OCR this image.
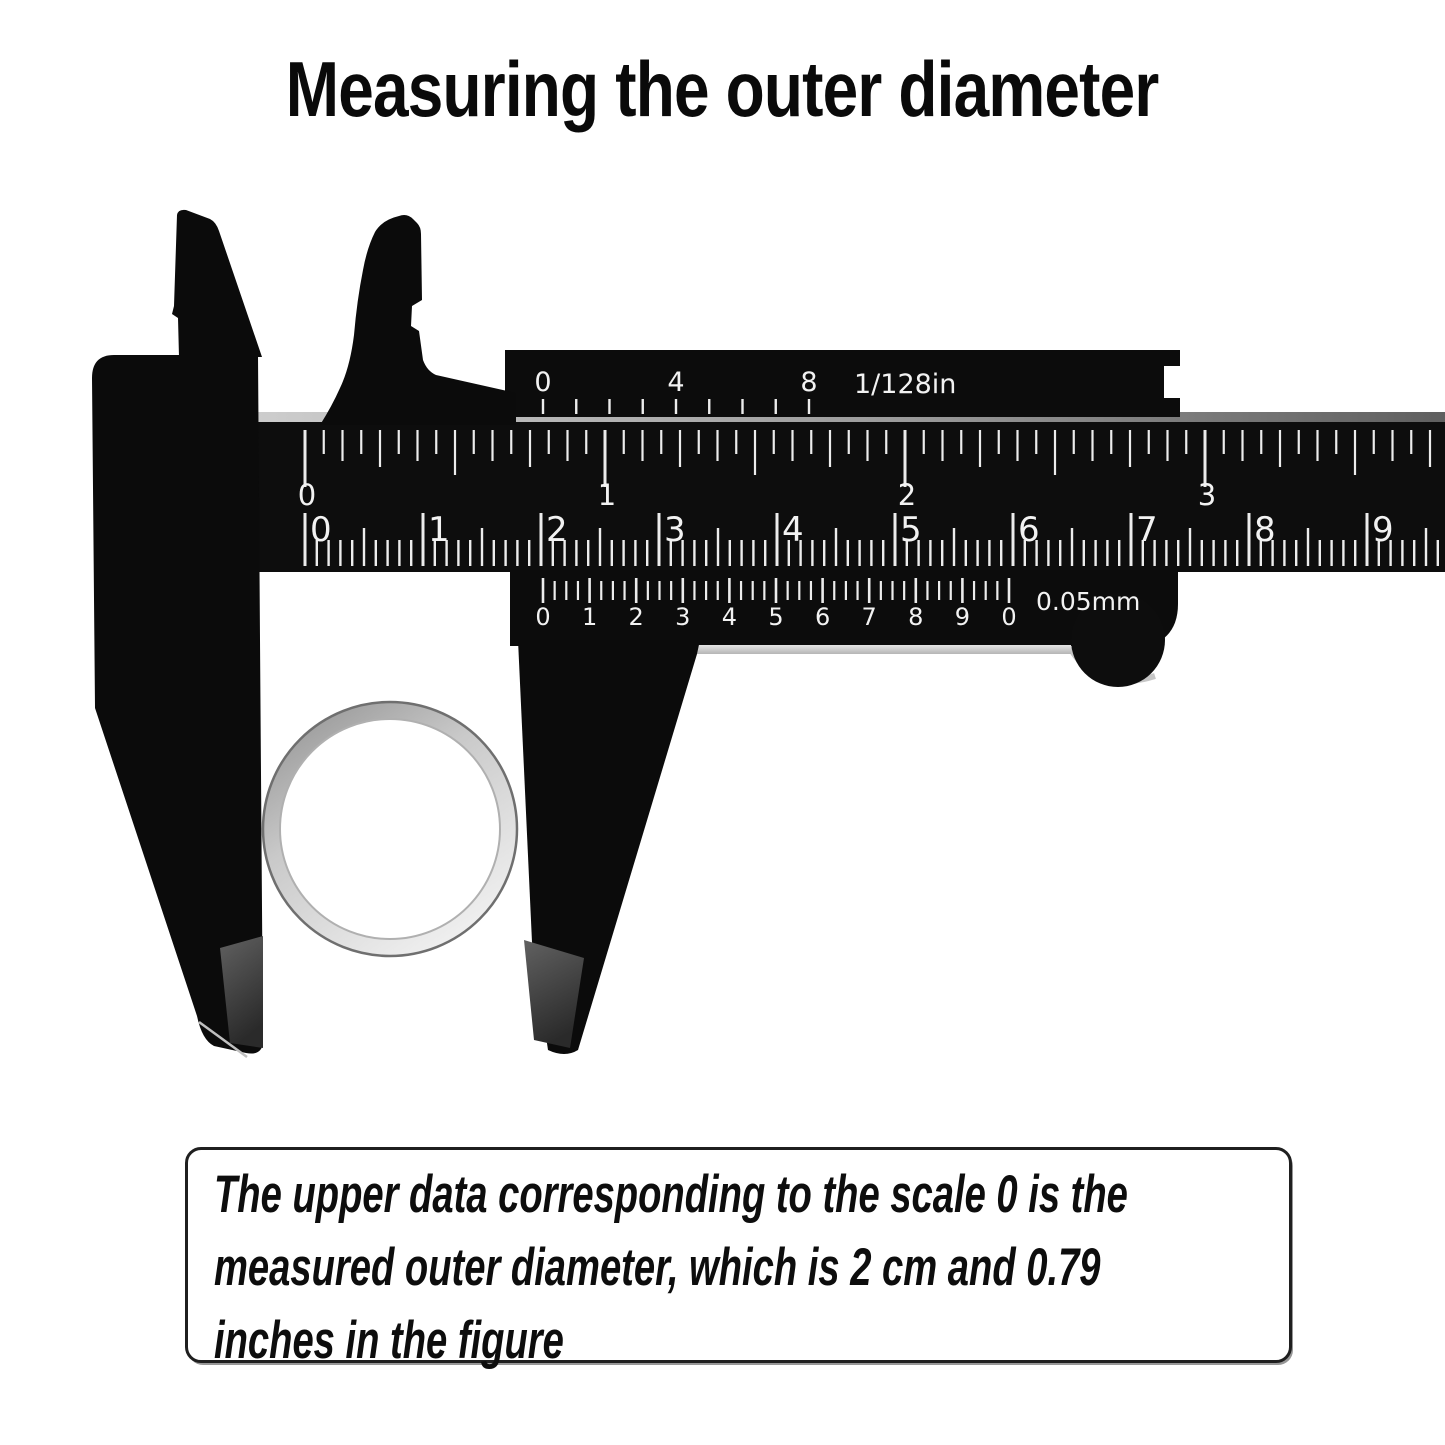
Measuring the outer diameter
0	4	8
0	1	2	3
0	1	2	3	4	5	6	7	8	9
0 1 2 3 4 5 6 7 8 9 0
1/128in
0.05mm
The upper data corresponding to the scale 0 is the
measured outer diameter, which is 2 cm and 0.79
inches in the figure
